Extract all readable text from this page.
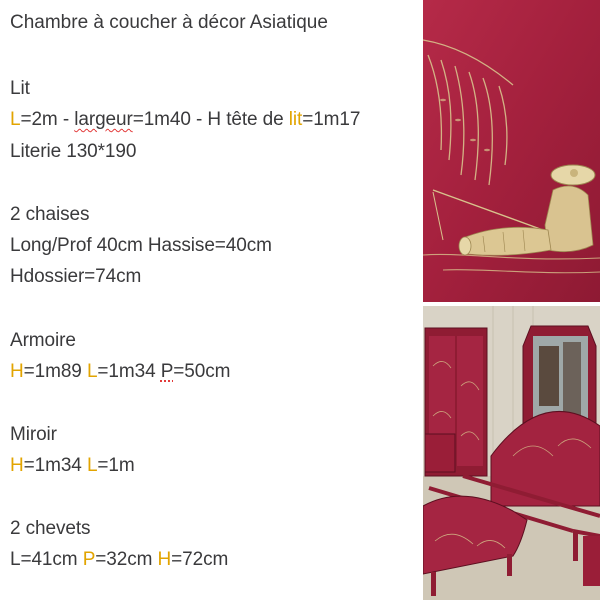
Chambre à coucher à décor Asiatique
Lit
L=2m - largeur=1m40 - H tête de lit=1m17
Literie 130*190
2 chaises
Long/Prof 40cm Hassise=40cm
Hdossier=74cm
Armoire
H=1m89 L=1m34 P=50cm
Miroir
H=1m34 L=1m
2 chevets
L=41cm P=32cm H=72cm
